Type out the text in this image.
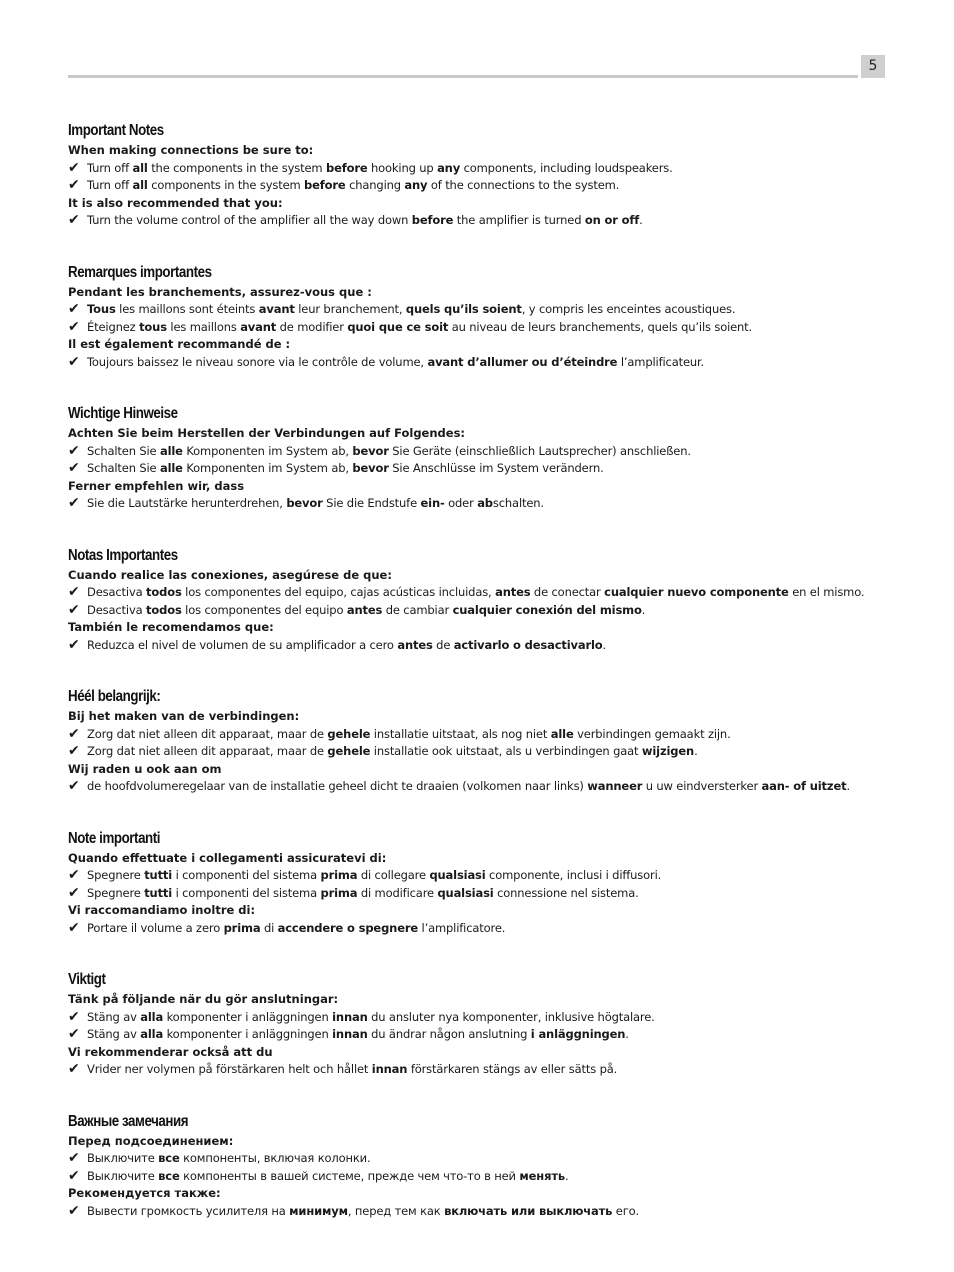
5
Important Notes
When making connections be sure to:
✔ Turn off all the components in the system before hooking up any components, including loudspeakers.
✔ Turn off all components in the system before changing any of the connections to the system.
It is also recommended that you:
✔ Turn the volume control of the amplifier all the way down before the amplifier is turned on or off.
Remarques importantes
Pendant les branchements, assurez-vous que :
✔ Tous les maillons sont éteints avant leur branchement, quels qu’ils soient, y compris les enceintes acoustiques.
✔ Éteignez tous les maillons avant de modifier quoi que ce soit au niveau de leurs branchements, quels qu’ils soient.
Il est également recommandé de :
✔ Toujours baissez le niveau sonore via le contrôle de volume, avant d’allumer ou d’éteindre l’amplificateur.
Wichtige Hinweise
Achten Sie beim Herstellen der Verbindungen auf Folgendes:
✔ Schalten Sie alle Komponenten im System ab, bevor Sie Geräte (einschließlich Lautsprecher) anschließen.
✔ Schalten Sie alle Komponenten im System ab, bevor Sie Anschlüsse im System verändern.
Ferner empfehlen wir, dass
✔ Sie die Lautstärke herunterdrehen, bevor Sie die Endstufe ein- oder abschalten.
Notas Importantes
Cuando realice las conexiones, asegúrese de que:
✔ Desactiva todos los componentes del equipo, cajas acústicas incluidas, antes de conectar cualquier nuevo componente en el mismo.
✔ Desactiva todos los componentes del equipo antes de cambiar cualquier conexión del mismo.
También le recomendamos que:
✔ Reduzca el nivel de volumen de su amplificador a cero antes de activarlo o desactivarlo.
Héél belangrijk:
Bij het maken van de verbindingen:
✔ Zorg dat niet alleen dit apparaat, maar de gehele installatie uitstaat, als nog niet alle verbindingen gemaakt zijn.
✔ Zorg dat niet alleen dit apparaat, maar de gehele installatie ook uitstaat, als u verbindingen gaat wijzigen.
Wij raden u ook aan om
✔ de hoofdvolumeregelaar van de installatie geheel dicht te draaien (volkomen naar links) wanneer u uw eindversterker aan- of uitzet.
Note importanti
Quando effettuate i collegamenti assicuratevi di:
✔ Spegnere tutti i componenti del sistema prima di collegare qualsiasi componente, inclusi i diffusori.
✔ Spegnere tutti i componenti del sistema prima di modificare qualsiasi connessione nel sistema.
Vi raccomandiamo inoltre di:
✔ Portare il volume a zero prima di accendere o spegnere l’amplificatore.
Viktigt
Tänk på följande när du gör anslutningar:
✔ Stäng av alla komponenter i anläggningen innan du ansluter nya komponenter, inklusive högtalare.
✔ Stäng av alla komponenter i anläggningen innan du ändrar någon anslutning i anläggningen.
Vi rekommenderar också att du
✔ Vrider ner volymen på förstärkaren helt och hållet innan förstärkaren stängs av eller sätts på.
Важные замечания
Перед подсоединением:
✔ Выключите все компоненты, включая колонки.
✔ Выключите все компоненты в вашей системе, прежде чем что-то в ней менять.
Рекомендуется также:
✔ Вывести громкость усилителя на минимум, перед тем как включать или выключать его.
